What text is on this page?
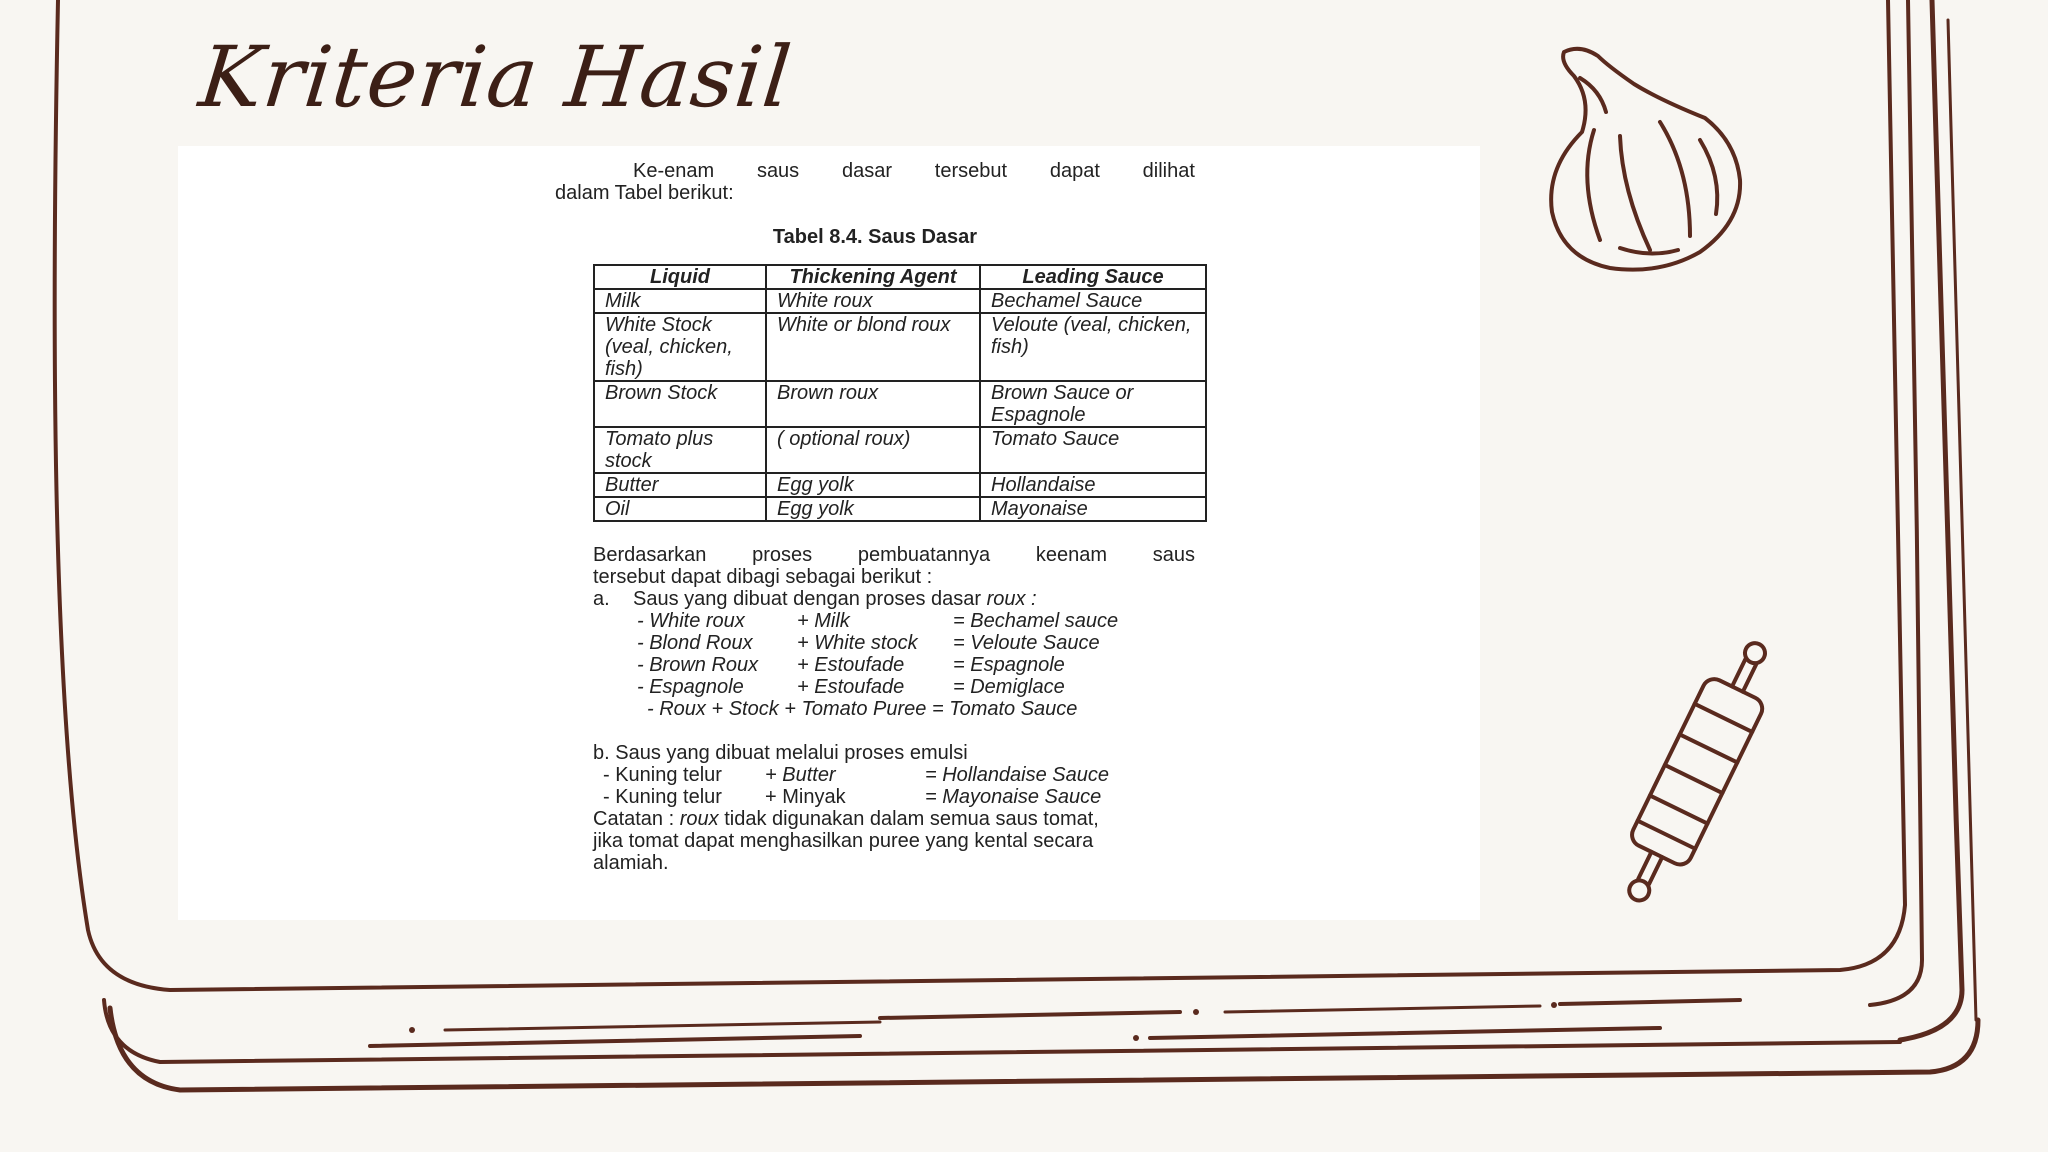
Kriteria Hasil

Ke-enam saus dasar tersebut dapat dilihat

dalam Tabel berikut:

Tabel 8.4. Saus Dasar
Liquid	Thickening Agent	Leading Sauce
Milk	White roux	Bechamel Sauce
White Stock (veal, chicken, fish)	White or blond roux	Veloute (veal, chicken, fish)
Brown Stock	Brown roux	Brown Sauce or Espagnole
Tomato plus stock	( optional roux)	Tomato Sauce
Butter	Egg yolk	Hollandaise
Oil	Egg yolk	Mayonaise

Berdasarkan proses pembuatannya keenam saus

tersebut dapat dibagi sebagai berikut :

a.	Saus yang dibuat dengan proses dasar roux :
- White roux	+ Milk	= Bechamel sauce
- Blond Roux	+ White stock	= Veloute Sauce
- Brown Roux	+ Estoufade	= Espagnole
- Espagnole	+ Estoufade	= Demiglace
- Roux + Stock + Tomato Puree = Tomato Sauce

b. Saus yang dibuat melalui proses emulsi

- Kuning telur	+ Butter	= Hollandaise Sauce
- Kuning telur	+ Minyak	= Mayonaise Sauce

Catatan : roux tidak digunakan dalam semua saus tomat,

jika tomat dapat menghasilkan puree yang kental secara

alamiah.
